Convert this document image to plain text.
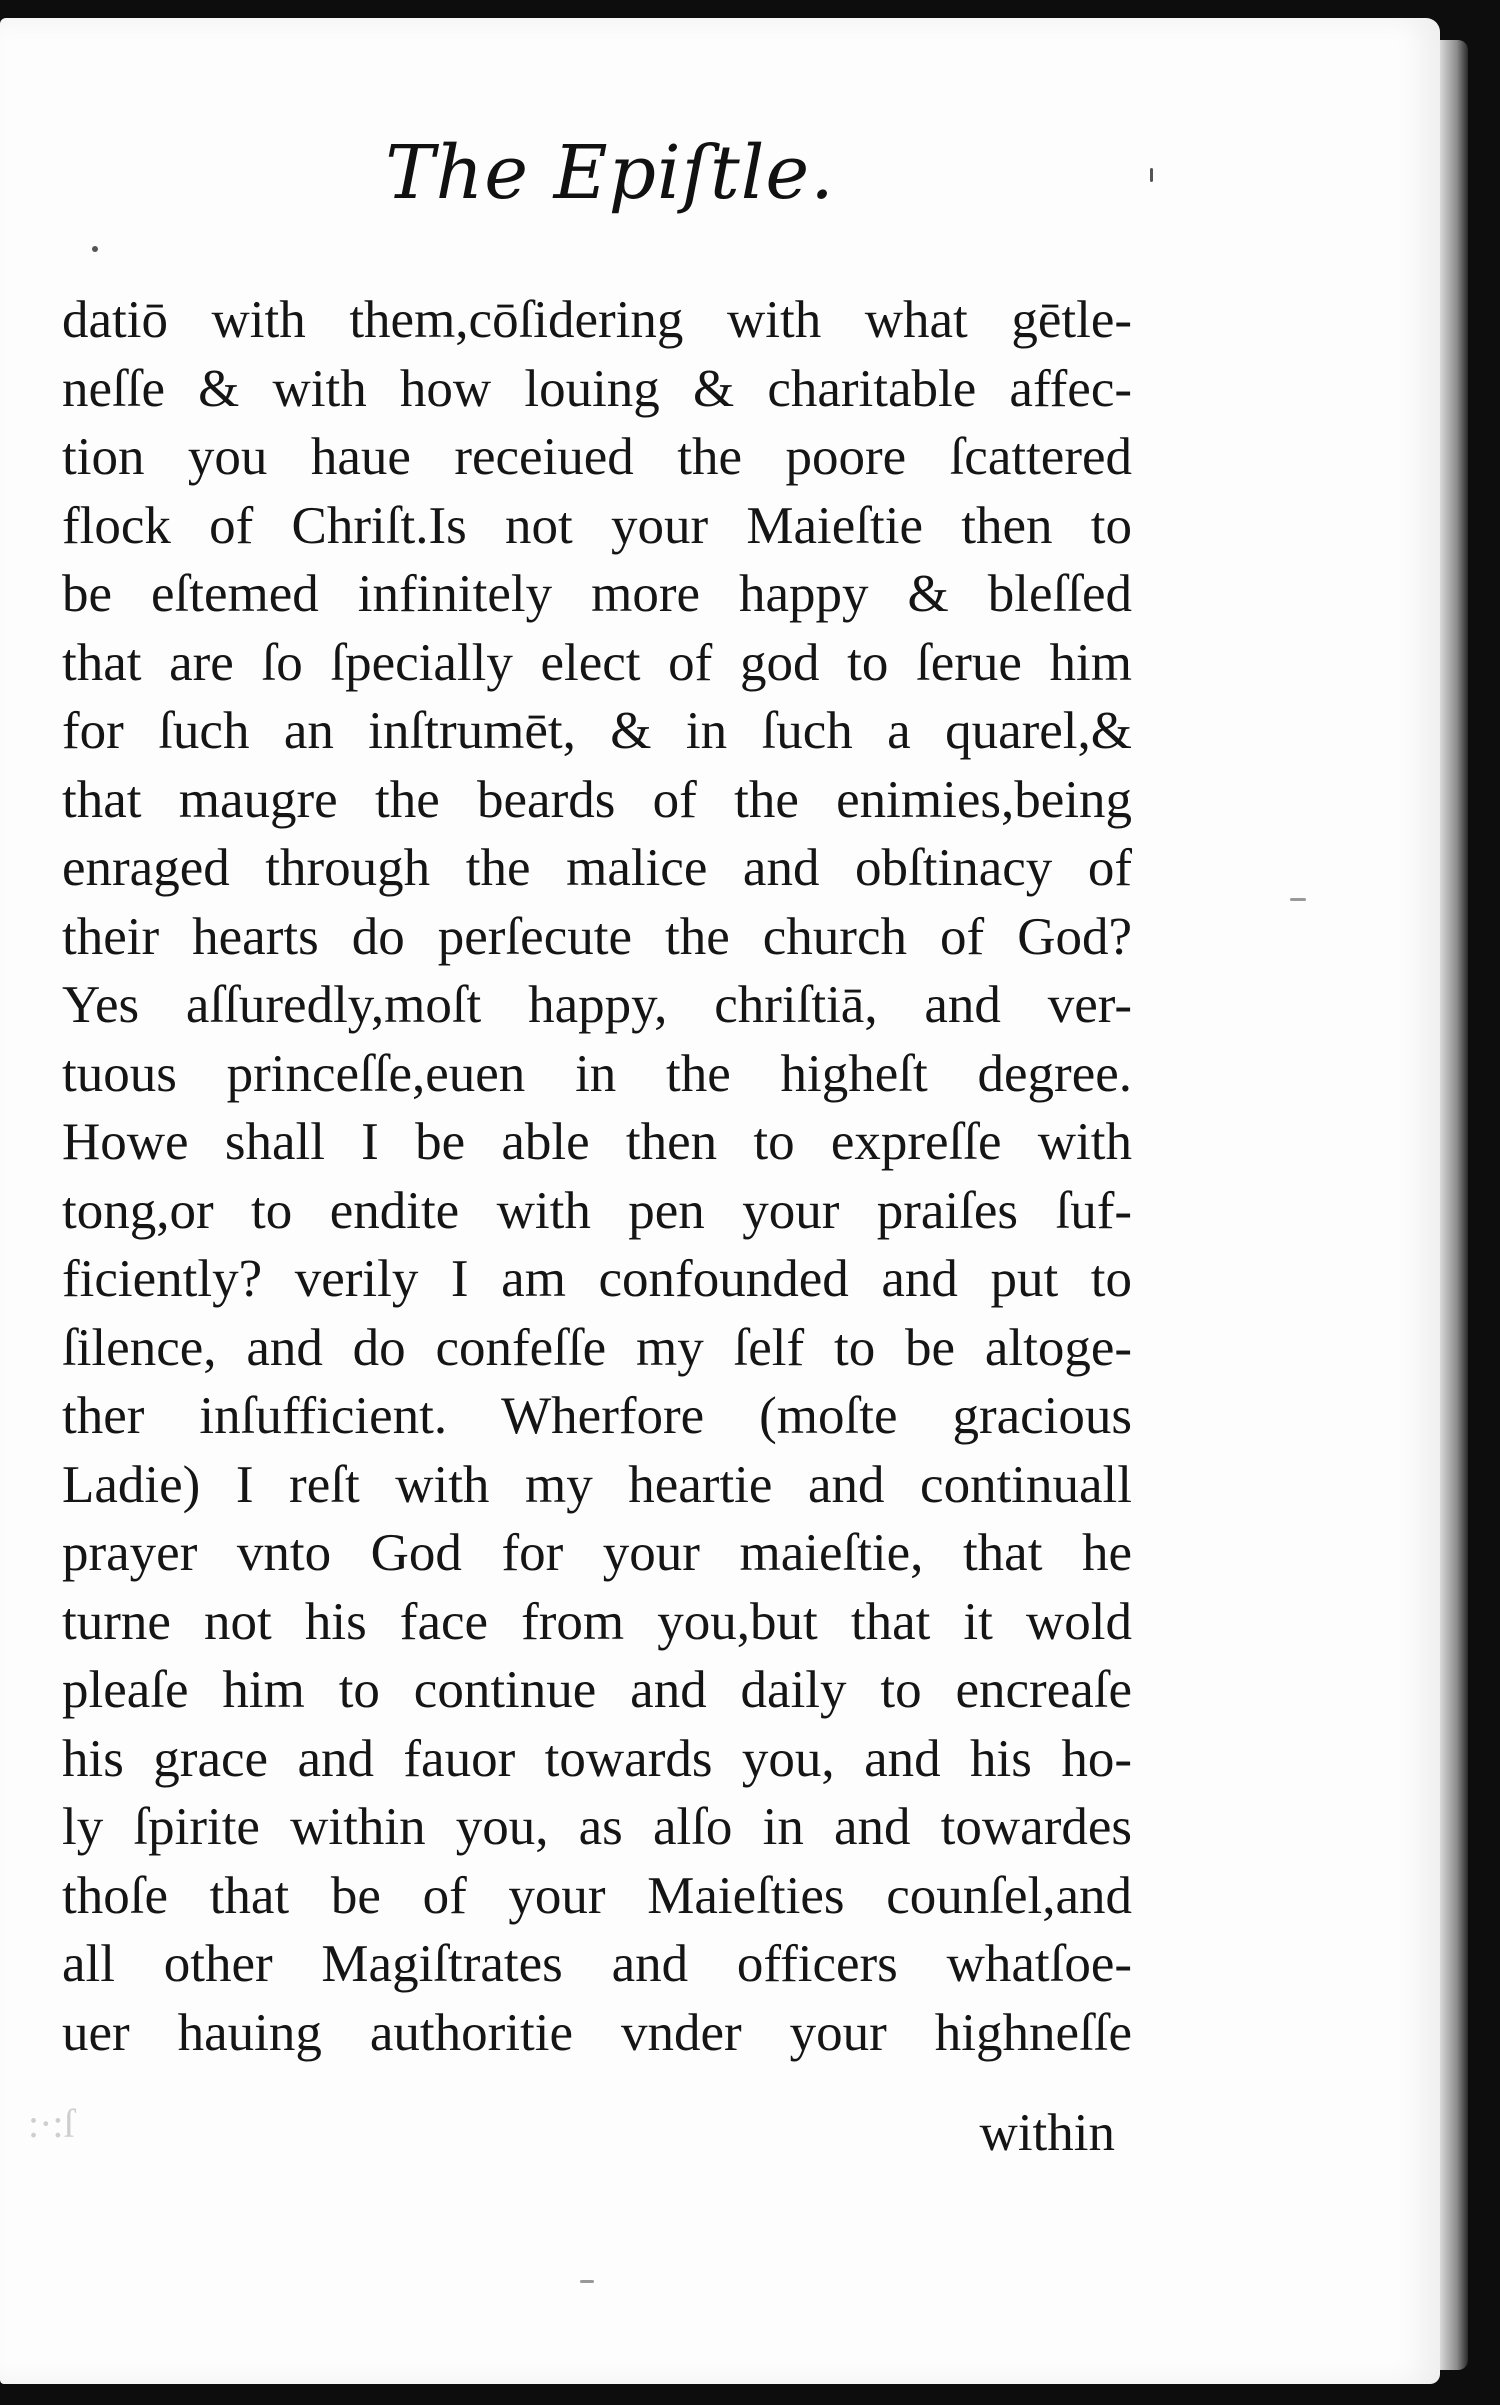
The Epiſtle.
datiō with them,cōſidering with what gētle-
neſſe & with how louing & charitable affec-
tion you haue receiued the poore ſcattered
flock of Chriſt.Is not your Maieſtie then to
be eſtemed infinitely more happy & bleſſed
that are ſo ſpecially elect of god to ſerue him
for ſuch an inſtrumēt, & in ſuch a quarel,&
that maugre the beards of the enimies,being
enraged through the malice and obſtinacy of
their hearts do perſecute the church of God?
Yes aſſuredly,moſt happy, chriſtiā, and ver-
tuous princeſſe,euen in the higheſt degree.
Howe shall I be able then to expreſſe with
tong,or to endite with pen your praiſes ſuf-
ficiently? verily I am confounded and put to
ſilence, and do confeſſe my ſelf to be altoge-
ther inſufficient. Wherfore (moſte gracious
Ladie) I reſt with my heartie and continuall
prayer vnto God for your maieſtie, that he
turne not his face from you,but that it wold
pleaſe him to continue and daily to encreaſe
his grace and fauor towards you, and his ho-
ly ſpirite within you, as alſo in and towardes
thoſe that be of your Maieſties counſel,and
all other Magiſtrates and officers whatſoe-
uer hauing authoritie vnder your highneſſe
:·:ſ	within
